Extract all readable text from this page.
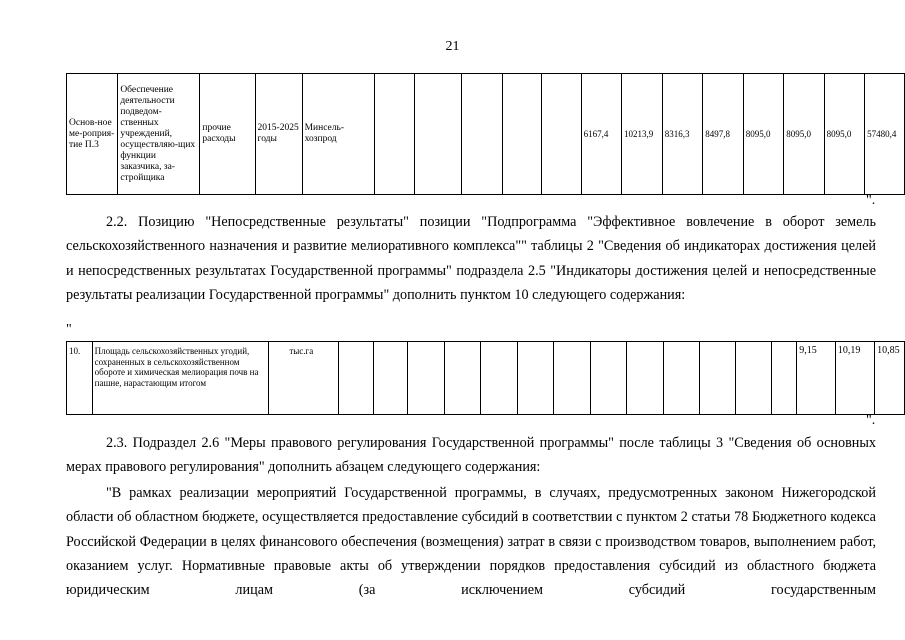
21
Основ-ное ме-роприя-тие П.3	Обеспечение деятельности подведом-ственных учреждений, осуществляю-щих функции заказчика, за-стройщика	прочие расходы	2015-2025 годы	Минсель-хозпрод						6167,4	10213,9	8316,3	8497,8	8095,0	8095,0	8095,0	57480,4
".

2.2. Позицию "Непосредственные результаты" позиции "Подпрограмма "Эффективное вовлечение в оборот земель сельскохозяйственного назначения и развитие мелиоративного комплекса"" таблицы 2 "Сведения об индикаторах достижения целей и непосредственных результатах Государственной программы" подраздела 2.5 "Индикаторы достижения целей и непосредственные результаты реализации Государственной программы" дополнить пунктом 10 следующего содержания:

"
10.	Площадь сельскохозяйственных угодий, сохраненных в сельскохозяйственном обороте и химическая мелиорация почв на пашне, нарастающим итогом	тыс.га														9,15	10,19	10,85
".

2.3. Подраздел 2.6 "Меры правового регулирования Государственной программы" после таблицы 3 "Сведения об основных мерах правового регулирования" дополнить абзацем следующего содержания:

"В рамках реализации мероприятий Государственной программы, в случаях, предусмотренных законом Нижегородской области об областном бюджете, осуществляется предоставление субсидий в соответствии с пунктом 2 статьи 78 Бюджетного кодекса Российской Федерации в целях финансового обеспечения (возмещения) затрат в связи с производством товаров, выполнением работ, оказанием услуг. Нормативные правовые акты об утверждении порядков предоставления субсидий из областного бюджета юридическим лицам (за исключением субсидий государственным
